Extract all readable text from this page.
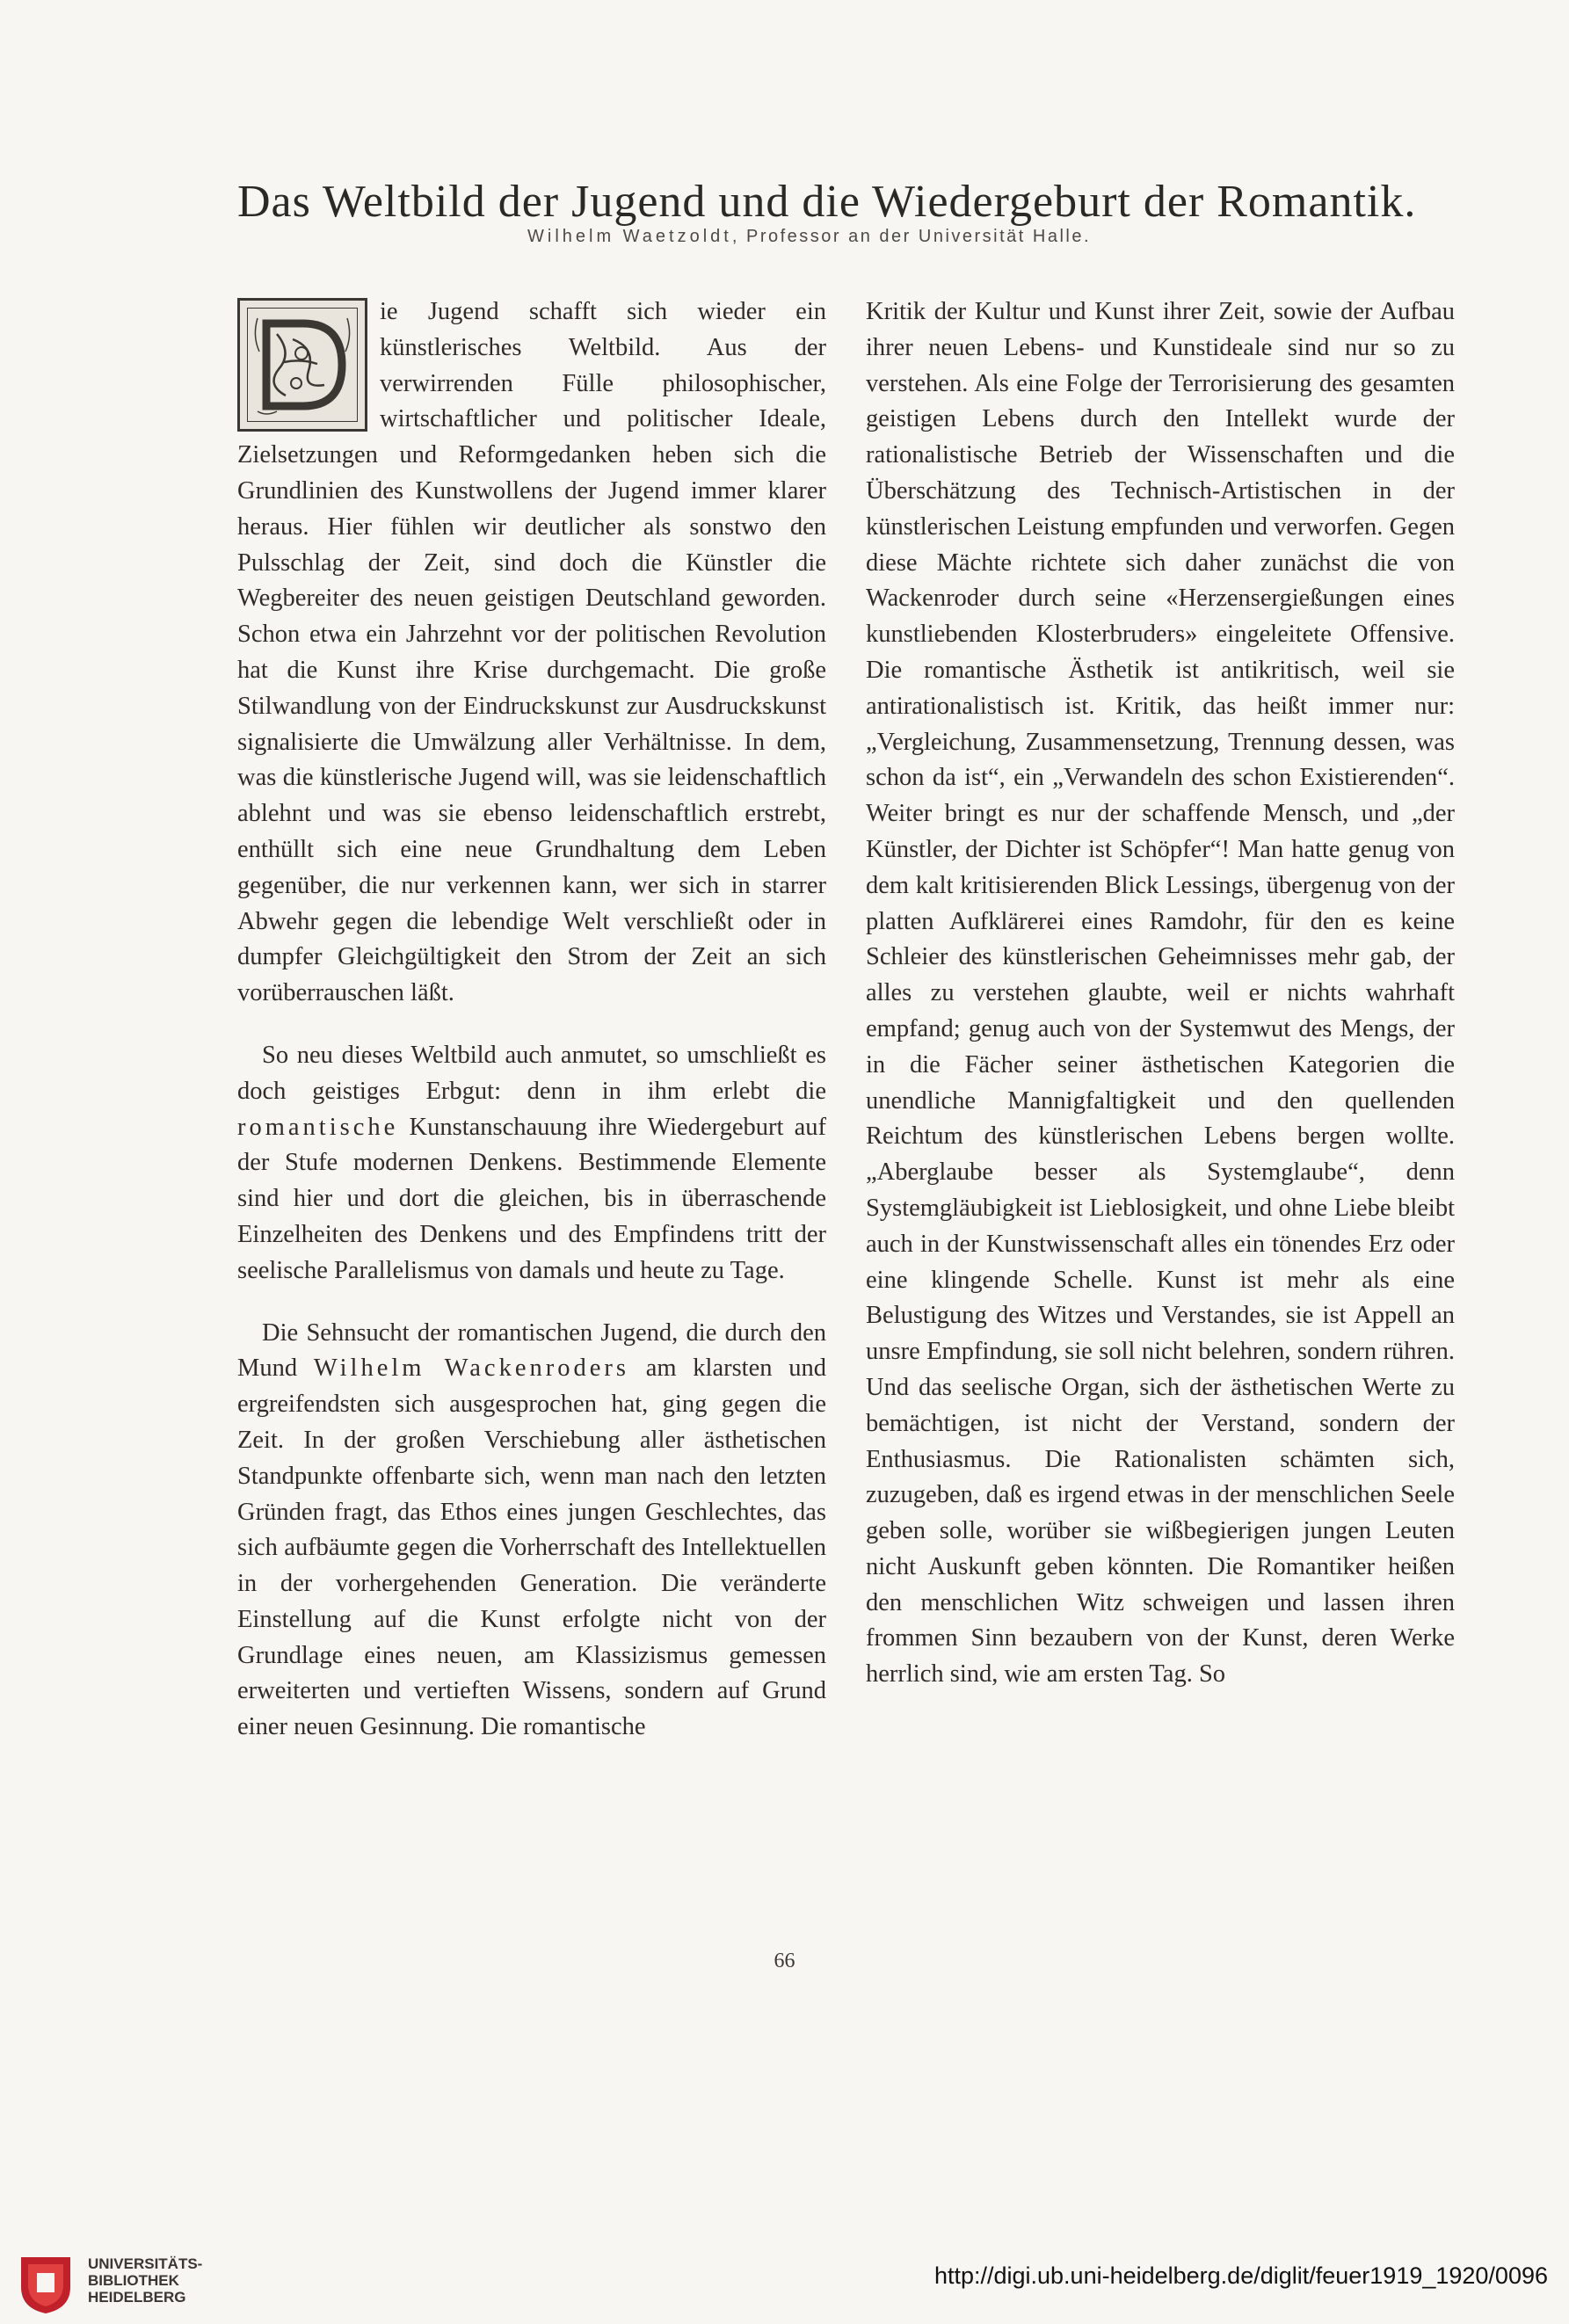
Das Weltbild der Jugend und die Wiedergeburt der Romantik.
Wilhelm Waetzoldt, Professor an der Universität Halle.

ie Jugend schafft sich wieder ein künstlerisches Weltbild. Aus der verwirrenden Fülle philosophischer, wirtschaftlicher und politischer Ideale, Zielsetzungen und Reformgedanken heben sich die Grundlinien des Kunstwollens der Jugend immer klarer heraus. Hier fühlen wir deutlicher als sonstwo den Pulsschlag der Zeit, sind doch die Künstler die Wegbereiter des neuen geistigen Deutschland geworden. Schon etwa ein Jahrzehnt vor der politischen Revolution hat die Kunst ihre Krise durchgemacht. Die große Stilwandlung von der Eindruckskunst zur Ausdruckskunst signalisierte die Umwälzung aller Verhältnisse. In dem, was die künstlerische Jugend will, was sie leidenschaftlich ablehnt und was sie ebenso leidenschaftlich erstrebt, enthüllt sich eine neue Grundhaltung dem Leben gegenüber, die nur verkennen kann, wer sich in starrer Abwehr gegen die lebendige Welt verschließt oder in dumpfer Gleichgültigkeit den Strom der Zeit an sich vorüberrauschen läßt.

So neu dieses Weltbild auch anmutet, so umschließt es doch geistiges Erbgut: denn in ihm erlebt die romantische Kunstanschauung ihre Wiedergeburt auf der Stufe modernen Denkens. Bestimmende Elemente sind hier und dort die gleichen, bis in überraschende Einzelheiten des Denkens und des Empfindens tritt der seelische Parallelismus von damals und heute zu Tage.

Die Sehnsucht der romantischen Jugend, die durch den Mund Wilhelm Wackenroders am klarsten und ergreifendsten sich ausgesprochen hat, ging gegen die Zeit. In der großen Verschiebung aller ästhetischen Standpunkte offenbarte sich, wenn man nach den letzten Gründen fragt, das Ethos eines jungen Geschlechtes, das sich aufbäumte gegen die Vorherrschaft des Intellektuellen in der vorhergehenden Generation. Die veränderte Einstellung auf die Kunst erfolgte nicht von der Grundlage eines neuen, am Klassizismus gemessen erweiterten und vertieften Wissens, sondern auf Grund einer neuen Gesinnung. Die romantische

Kritik der Kultur und Kunst ihrer Zeit, sowie der Aufbau ihrer neuen Lebens- und Kunstideale sind nur so zu verstehen. Als eine Folge der Terrorisierung des gesamten geistigen Lebens durch den Intellekt wurde der rationalistische Betrieb der Wissenschaften und die Überschätzung des Technisch-Artistischen in der künstlerischen Leistung empfunden und verworfen. Gegen diese Mächte richtete sich daher zunächst die von Wackenroder durch seine «Herzensergießungen eines kunstliebenden Klosterbruders» eingeleitete Offensive. Die romantische Ästhetik ist antikritisch, weil sie antirationalistisch ist. Kritik, das heißt immer nur: „Vergleichung, Zusammensetzung, Trennung dessen, was schon da ist“, ein „Verwandeln des schon Existierenden“. Weiter bringt es nur der schaffende Mensch, und „der Künstler, der Dichter ist Schöpfer“! Man hatte genug von dem kalt kritisierenden Blick Lessings, übergenug von der platten Aufklärerei eines Ramdohr, für den es keine Schleier des künstlerischen Geheimnisses mehr gab, der alles zu verstehen glaubte, weil er nichts wahrhaft empfand; genug auch von der Systemwut des Mengs, der in die Fächer seiner ästhetischen Kategorien die unendliche Mannigfaltigkeit und den quellenden Reichtum des künstlerischen Lebens bergen wollte. „Aberglaube besser als Systemglaube“, denn Systemgläubigkeit ist Lieblosigkeit, und ohne Liebe bleibt auch in der Kunstwissenschaft alles ein tönendes Erz oder eine klingende Schelle. Kunst ist mehr als eine Belustigung des Witzes und Verstandes, sie ist Appell an unsre Empfindung, sie soll nicht belehren, sondern rühren. Und das seelische Organ, sich der ästhetischen Werte zu bemächtigen, ist nicht der Verstand, sondern der Enthusiasmus. Die Rationalisten schämten sich, zuzugeben, daß es irgend etwas in der menschlichen Seele geben solle, worüber sie wißbegierigen jungen Leuten nicht Auskunft geben könnten. Die Romantiker heißen den menschlichen Witz schweigen und lassen ihren frommen Sinn bezaubern von der Kunst, deren Werke herrlich sind, wie am ersten Tag. So

66
UNIVERSITÄTS-
BIBLIOTHEK
HEIDELBERG
http://digi.ub.uni-heidelberg.de/diglit/feuer1919_1920/0096
